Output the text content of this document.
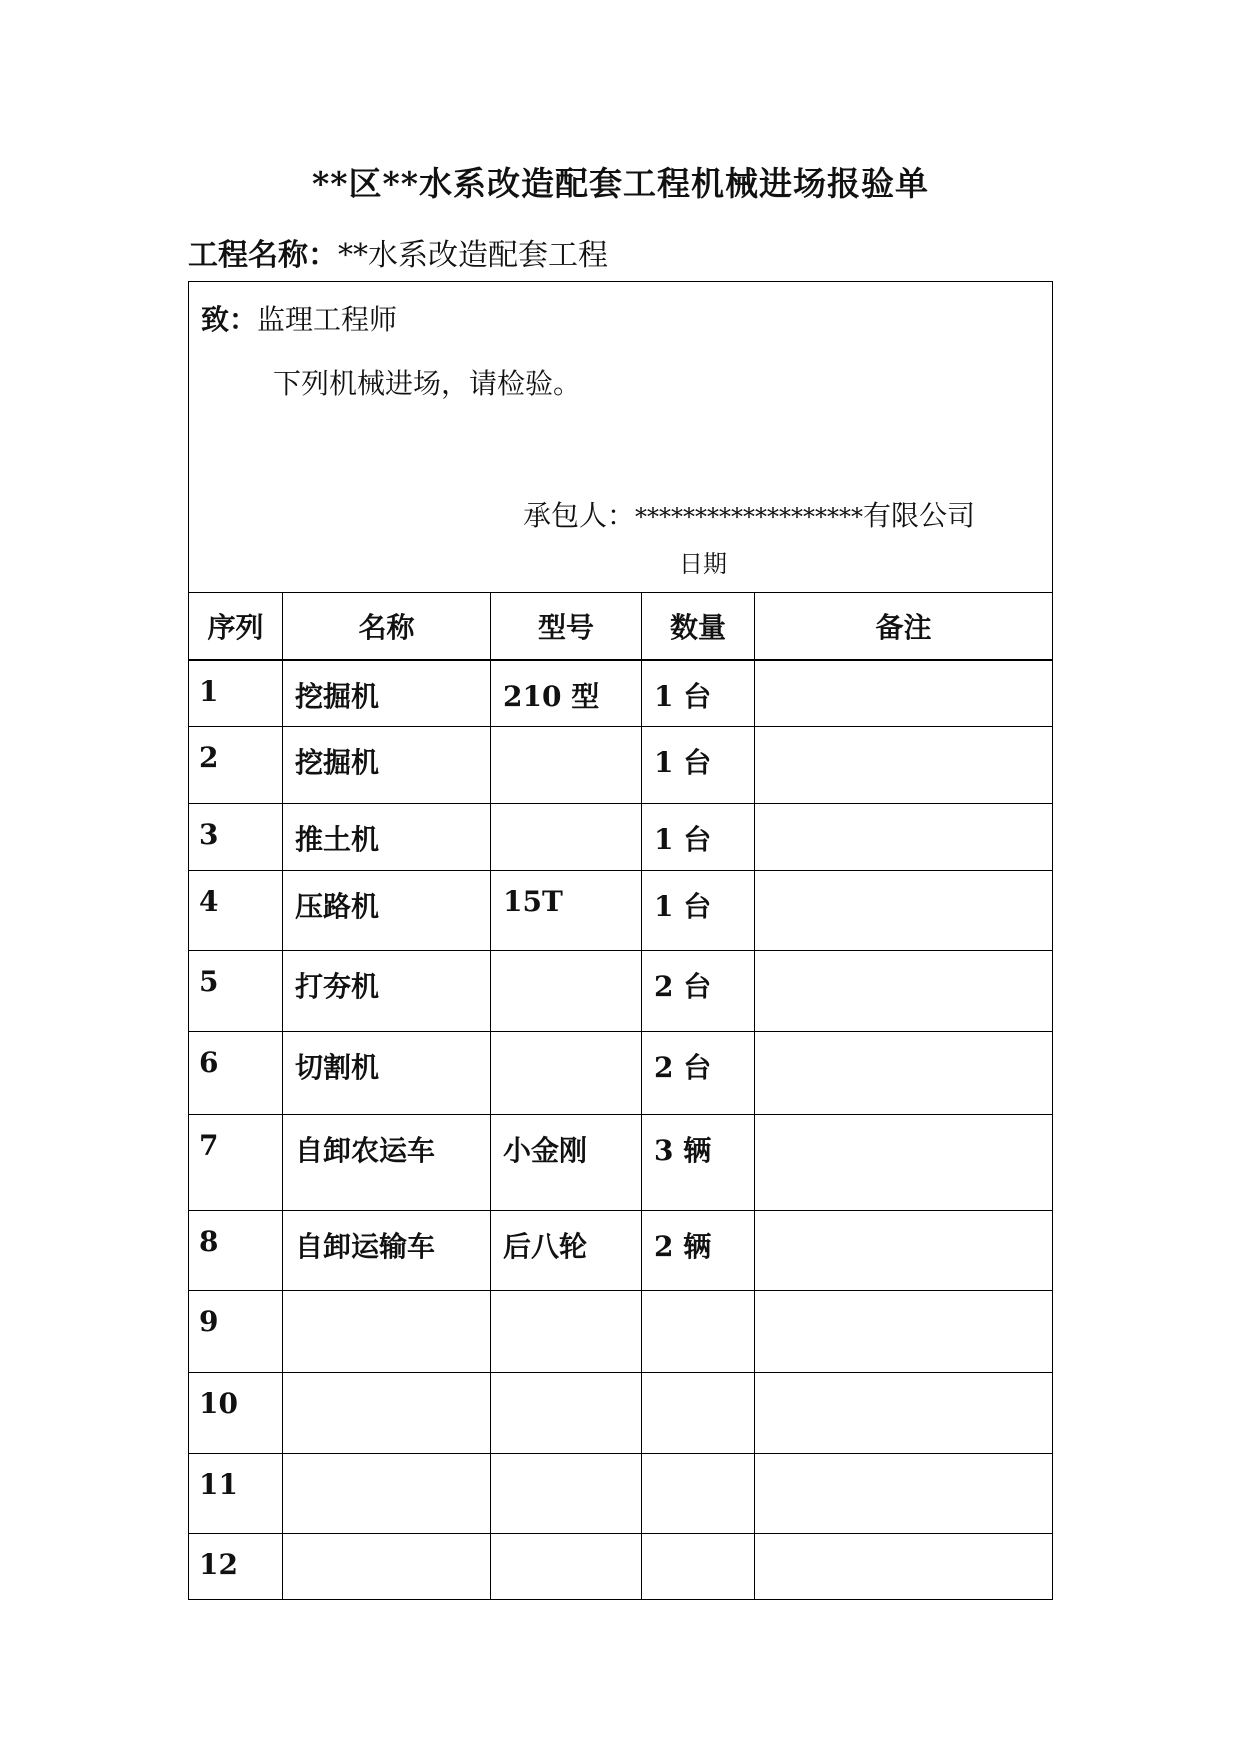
**区**水系改造配套工程机械进场报验单
工程名称：**水系改造配套工程
致：监理工程师
下列机械进场，请检验。
承包人：*******************有限公司
日期				

序列	名称	型号	数量	备注
1	挖掘机	210 型	1 台	
2	挖掘机		1 台	
3	推土机		1 台	
4	压路机	15T	1 台	
5	打夯机		2 台	
6	切割机		2 台	
7	自卸农运车	小金刚	3 辆	
8	自卸运输车	后八轮	2 辆	
9				
10				
11				
12				
